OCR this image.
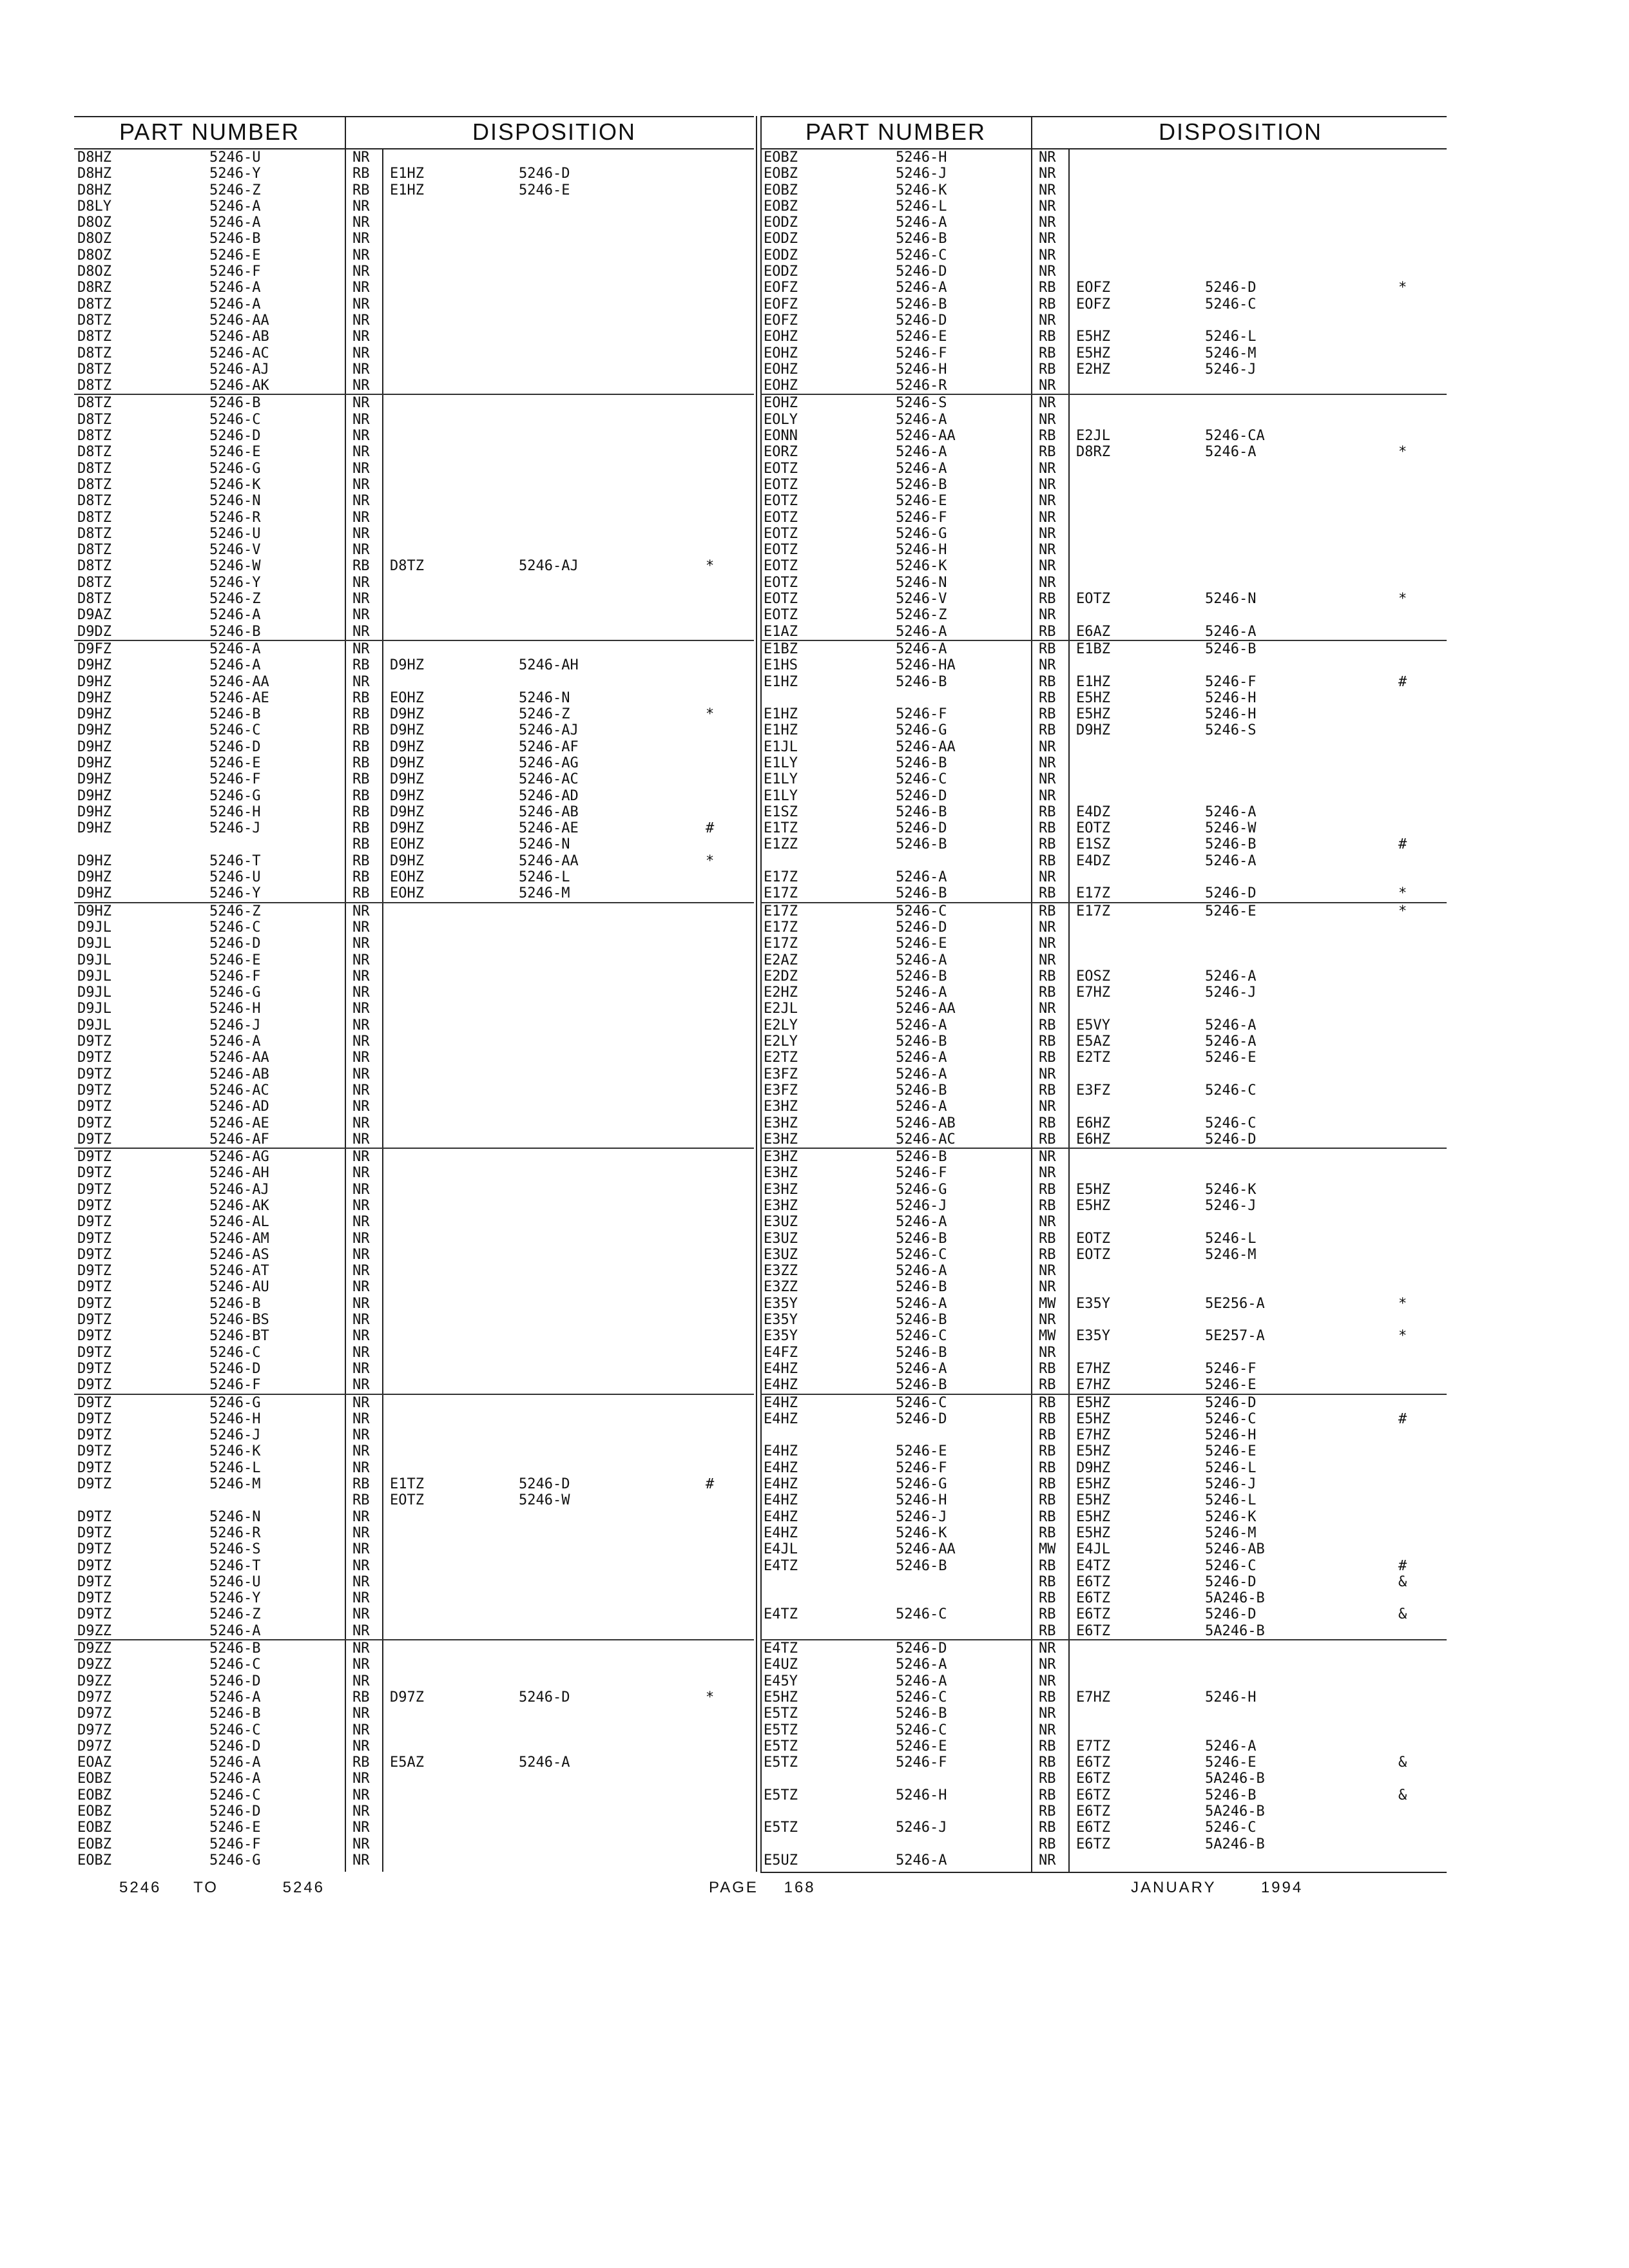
PART NUMBER	DISPOSITION
D8HZ	5246-U	NR
D8HZ	5246-Y	RB E1HZ	5246-D
D8HZ	5246-Z	RB E1HZ	5246-E
D8LY	5246-A	NR
D8OZ	5246-A	NR
D8OZ	5246-B	NR
D8OZ	5246-E	NR
D8OZ	5246-F	NR
D8RZ	5246-A	NR
D8TZ	5246-A	NR
D8TZ	5246-AA	NR
D8TZ	5246-AB	NR
D8TZ	5246-AC	NR
D8TZ	5246-AJ	NR
D8TZ	5246-AK	NR
D8TZ	5246-B	NR
D8TZ	5246-C	NR
D8TZ	5246-D	NR
D8TZ	5246-E	NR
D8TZ	5246-G	NR
D8TZ	5246-K	NR
D8TZ	5246-N	NR
D8TZ	5246-R	NR
D8TZ	5246-U	NR
D8TZ	5246-V	NR
D8TZ	5246-W	RB D8TZ	5246-AJ	*
D8TZ	5246-Y	NR
D8TZ	5246-Z	NR
D9AZ	5246-A	NR
D9DZ	5246-B	NR
D9FZ	5246-A	NR
D9HZ	5246-A	RB D9HZ	5246-AH
D9HZ	5246-AA	NR
D9HZ	5246-AE	RB EOHZ	5246-N
D9HZ	5246-B	RB D9HZ	5246-Z	*
D9HZ	5246-C	RB D9HZ	5246-AJ
D9HZ	5246-D	RB D9HZ	5246-AF
D9HZ	5246-E	RB D9HZ	5246-AG
D9HZ	5246-F	RB D9HZ	5246-AC
D9HZ	5246-G	RB D9HZ	5246-AD
D9HZ	5246-H	RB D9HZ	5246-AB
D9HZ	5246-J	RB D9HZ	5246-AE	#
RB EOHZ	5246-N
D9HZ	5246-T	RB D9HZ	5246-AA	*
D9HZ	5246-U	RB EOHZ	5246-L
D9HZ	5246-Y	RB EOHZ	5246-M
D9HZ	5246-Z	NR
D9JL	5246-C	NR
D9JL	5246-D	NR
D9JL	5246-E	NR
D9JL	5246-F	NR
D9JL	5246-G	NR
D9JL	5246-H	NR
D9JL	5246-J	NR
D9TZ	5246-A	NR
D9TZ	5246-AA	NR
D9TZ	5246-AB	NR
D9TZ	5246-AC	NR
D9TZ	5246-AD	NR
D9TZ	5246-AE	NR
D9TZ	5246-AF	NR
D9TZ	5246-AG	NR
D9TZ	5246-AH	NR
D9TZ	5246-AJ	NR
D9TZ	5246-AK	NR
D9TZ	5246-AL	NR
D9TZ	5246-AM	NR
D9TZ	5246-AS	NR
D9TZ	5246-AT	NR
D9TZ	5246-AU	NR
D9TZ	5246-B	NR
D9TZ	5246-BS	NR
D9TZ	5246-BT	NR
D9TZ	5246-C	NR
D9TZ	5246-D	NR
D9TZ	5246-F	NR
D9TZ	5246-G	NR
D9TZ	5246-H	NR
D9TZ	5246-J	NR
D9TZ	5246-K	NR
D9TZ	5246-L	NR
D9TZ	5246-M	RB E1TZ	5246-D	#
RB EOTZ	5246-W
D9TZ	5246-N	NR
D9TZ	5246-R	NR
D9TZ	5246-S	NR
D9TZ	5246-T	NR
D9TZ	5246-U	NR
D9TZ	5246-Y	NR
D9TZ	5246-Z	NR
D9ZZ	5246-A	NR
D9ZZ	5246-B	NR
D9ZZ	5246-C	NR
D9ZZ	5246-D	NR
D97Z	5246-A	RB D97Z	5246-D	*
D97Z	5246-B	NR
D97Z	5246-C	NR
D97Z	5246-D	NR
EOAZ	5246-A	RB E5AZ	5246-A
EOBZ	5246-A	NR
EOBZ	5246-C	NR
EOBZ	5246-D	NR
EOBZ	5246-E	NR
EOBZ	5246-F	NR
EOBZ	5246-G	NR
PART NUMBER	DISPOSITION
EOBZ	5246-H	NR
EOBZ	5246-J	NR
EOBZ	5246-K	NR
EOBZ	5246-L	NR
EODZ	5246-A	NR
EODZ	5246-B	NR
EODZ	5246-C	NR
EODZ	5246-D	NR
EOFZ	5246-A	RB EOFZ	5246-D	*
EOFZ	5246-B	RB EOFZ	5246-C
EOFZ	5246-D	NR
EOHZ	5246-E	RB E5HZ	5246-L
EOHZ	5246-F	RB E5HZ	5246-M
EOHZ	5246-H	RB E2HZ	5246-J
EOHZ	5246-R	NR
EOHZ	5246-S	NR
EOLY	5246-A	NR
EONN	5246-AA	RB E2JL	5246-CA
EORZ	5246-A	RB D8RZ	5246-A	*
EOTZ	5246-A	NR
EOTZ	5246-B	NR
EOTZ	5246-E	NR
EOTZ	5246-F	NR
EOTZ	5246-G	NR
EOTZ	5246-H	NR
EOTZ	5246-K	NR
EOTZ	5246-N	NR
EOTZ	5246-V	RB EOTZ	5246-N	*
EOTZ	5246-Z	NR
E1AZ	5246-A	RB E6AZ	5246-A
E1BZ	5246-A	RB E1BZ	5246-B
E1HS	5246-HA	NR
E1HZ	5246-B	RB E1HZ	5246-F	#
RB E5HZ	5246-H
E1HZ	5246-F	RB E5HZ	5246-H
E1HZ	5246-G	RB D9HZ	5246-S
E1JL	5246-AA	NR
E1LY	5246-B	NR
E1LY	5246-C	NR
E1LY	5246-D	NR
E1SZ	5246-B	RB E4DZ	5246-A
E1TZ	5246-D	RB EOTZ	5246-W
E1ZZ	5246-B	RB E1SZ	5246-B	#
RB E4DZ	5246-A
E17Z	5246-A	NR
E17Z	5246-B	RB E17Z	5246-D	*
E17Z	5246-C	RB E17Z	5246-E	*
E17Z	5246-D	NR
E17Z	5246-E	NR
E2AZ	5246-A	NR
E2DZ	5246-B	RB EOSZ	5246-A
E2HZ	5246-A	RB E7HZ	5246-J
E2JL	5246-AA	NR
E2LY	5246-A	RB E5VY	5246-A
E2LY	5246-B	RB E5AZ	5246-A
E2TZ	5246-A	RB E2TZ	5246-E
E3FZ	5246-A	NR
E3FZ	5246-B	RB E3FZ	5246-C
E3HZ	5246-A	NR
E3HZ	5246-AB	RB E6HZ	5246-C
E3HZ	5246-AC	RB E6HZ	5246-D
E3HZ	5246-B	NR
E3HZ	5246-F	NR
E3HZ	5246-G	RB E5HZ	5246-K
E3HZ	5246-J	RB E5HZ	5246-J
E3UZ	5246-A	NR
E3UZ	5246-B	RB EOTZ	5246-L
E3UZ	5246-C	RB EOTZ	5246-M
E3ZZ	5246-A	NR
E3ZZ	5246-B	NR
E35Y	5246-A	MW E35Y	5E256-A	*
E35Y	5246-B	NR
E35Y	5246-C	MW E35Y	5E257-A	*
E4FZ	5246-B	NR
E4HZ	5246-A	RB E7HZ	5246-F
E4HZ	5246-B	RB E7HZ	5246-E
E4HZ	5246-C	RB E5HZ	5246-D
E4HZ	5246-D	RB E5HZ	5246-C	#
RB E7HZ	5246-H
E4HZ	5246-E	RB E5HZ	5246-E
E4HZ	5246-F	RB D9HZ	5246-L
E4HZ	5246-G	RB E5HZ	5246-J
E4HZ	5246-H	RB E5HZ	5246-L
E4HZ	5246-J	RB E5HZ	5246-K
E4HZ	5246-K	RB E5HZ	5246-M
E4JL	5246-AA	MW E4JL	5246-AB
E4TZ	5246-B	RB E4TZ	5246-C	#
RB E6TZ	5246-D	&
RB E6TZ	5A246-B
E4TZ	5246-C	RB E6TZ	5246-D	&
RB E6TZ	5A246-B
E4TZ	5246-D	NR
E4UZ	5246-A	NR
E45Y	5246-A	NR
E5HZ	5246-C	RB E7HZ	5246-H
E5TZ	5246-B	NR
E5TZ	5246-C	NR
E5TZ	5246-E	RB E7TZ	5246-A
E5TZ	5246-F	RB E6TZ	5246-E	&
RB E6TZ	5A246-B
E5TZ	5246-H	RB E6TZ	5246-B	&
RB E6TZ	5A246-B
E5TZ	5246-J	RB E6TZ	5246-C
RB E6TZ	5A246-B
E5UZ	5246-A	NR
5246 TO	5246	PAGE 168	JANUARY	1994
